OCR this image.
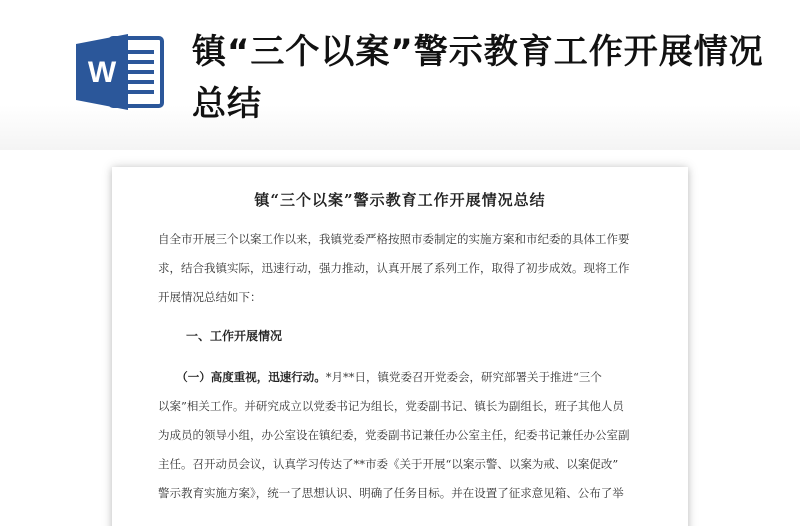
W
镇“三个以案”警示教育工作开展情况总结
镇“三个以案”警示教育工作开展情况总结
自全市开展三个以案工作以来，我镇党委严格按照市委制定的实施方案和市纪委的具体工作要
求，结合我镇实际，迅速行动，强力推动，认真开展了系列工作，取得了初步成效。现将工作
开展情况总结如下：
一、工作开展情况
（一）高度重视，迅速行动。*月**日，镇党委召开党委会，研究部署关于推进“三个
以案”相关工作。并研究成立以党委书记为组长，党委副书记、镇长为副组长，班子其他人员
为成员的领导小组，办公室设在镇纪委，党委副书记兼任办公室主任，纪委书记兼任办公室副
主任。召开动员会议，认真学习传达了**市委《关于开展“以案示警、以案为戒、以案促改”
警示教育实施方案》，统一了思想认识、明确了任务目标。并在设置了征求意见箱、公布了举
